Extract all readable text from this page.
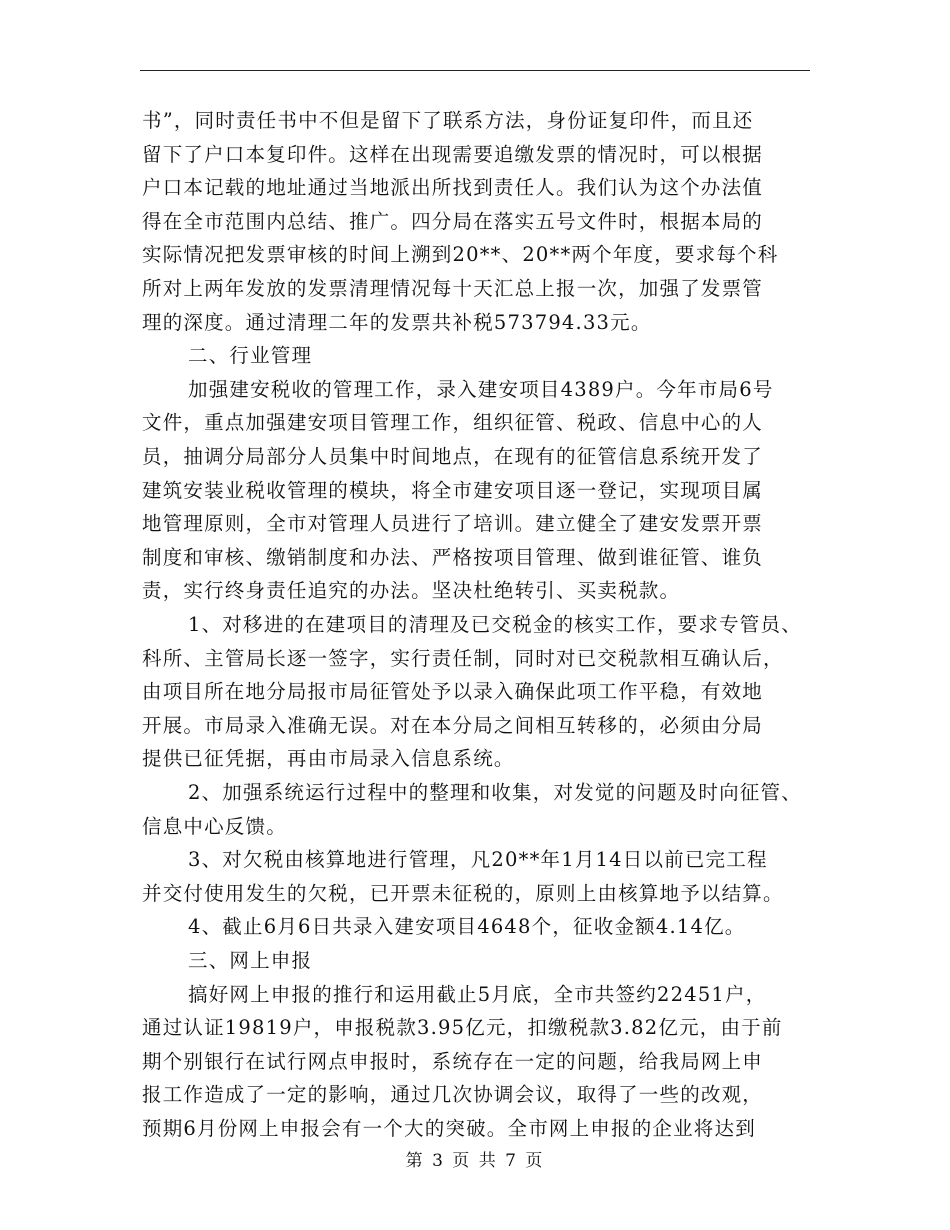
书”，同时责任书中不但是留下了联系方法，身份证复印件，而且还

留下了户口本复印件。这样在出现需要追缴发票的情况时，可以根据

户口本记载的地址通过当地派出所找到责任人。我们认为这个办法值

得在全市范围内总结、推广。四分局在落实五号文件时，根据本局的

实际情况把发票审核的时间上溯到20**、20**两个年度，要求每个科

所对上两年发放的发票清理情况每十天汇总上报一次，加强了发票管

理的深度。通过清理二年的发票共补税573794.33元。

二、行业管理

加强建安税收的管理工作，录入建安项目4389户。今年市局6号

文件，重点加强建安项目管理工作，组织征管、税政、信息中心的人

员，抽调分局部分人员集中时间地点，在现有的征管信息系统开发了

建筑安装业税收管理的模块，将全市建安项目逐一登记，实现项目属

地管理原则，全市对管理人员进行了培训。建立健全了建安发票开票

制度和审核、缴销制度和办法、严格按项目管理、做到谁征管、谁负

责，实行终身责任追究的办法。坚决杜绝转引、买卖税款。

1、对移进的在建项目的清理及已交税金的核实工作，要求专管员、

科所、主管局长逐一签字，实行责任制，同时对已交税款相互确认后，

由项目所在地分局报市局征管处予以录入确保此项工作平稳，有效地

开展。市局录入准确无误。对在本分局之间相互转移的，必须由分局

提供已征凭据，再由市局录入信息系统。

2、加强系统运行过程中的整理和收集，对发觉的问题及时向征管、

信息中心反馈。

3、对欠税由核算地进行管理，凡20**年1月14日以前已完工程

并交付使用发生的欠税，已开票未征税的，原则上由核算地予以结算。

4、截止6月6日共录入建安项目4648个，征收金额4.14亿。

三、网上申报

搞好网上申报的推行和运用截止5月底，全市共签约22451户，

通过认证19819户，申报税款3.95亿元，扣缴税款3.82亿元，由于前

期个别银行在试行网点申报时，系统存在一定的问题，给我局网上申

报工作造成了一定的影响，通过几次协调会议，取得了一些的改观，

预期6月份网上申报会有一个大的突破。全市网上申报的企业将达到

第 3 页 共 7 页
